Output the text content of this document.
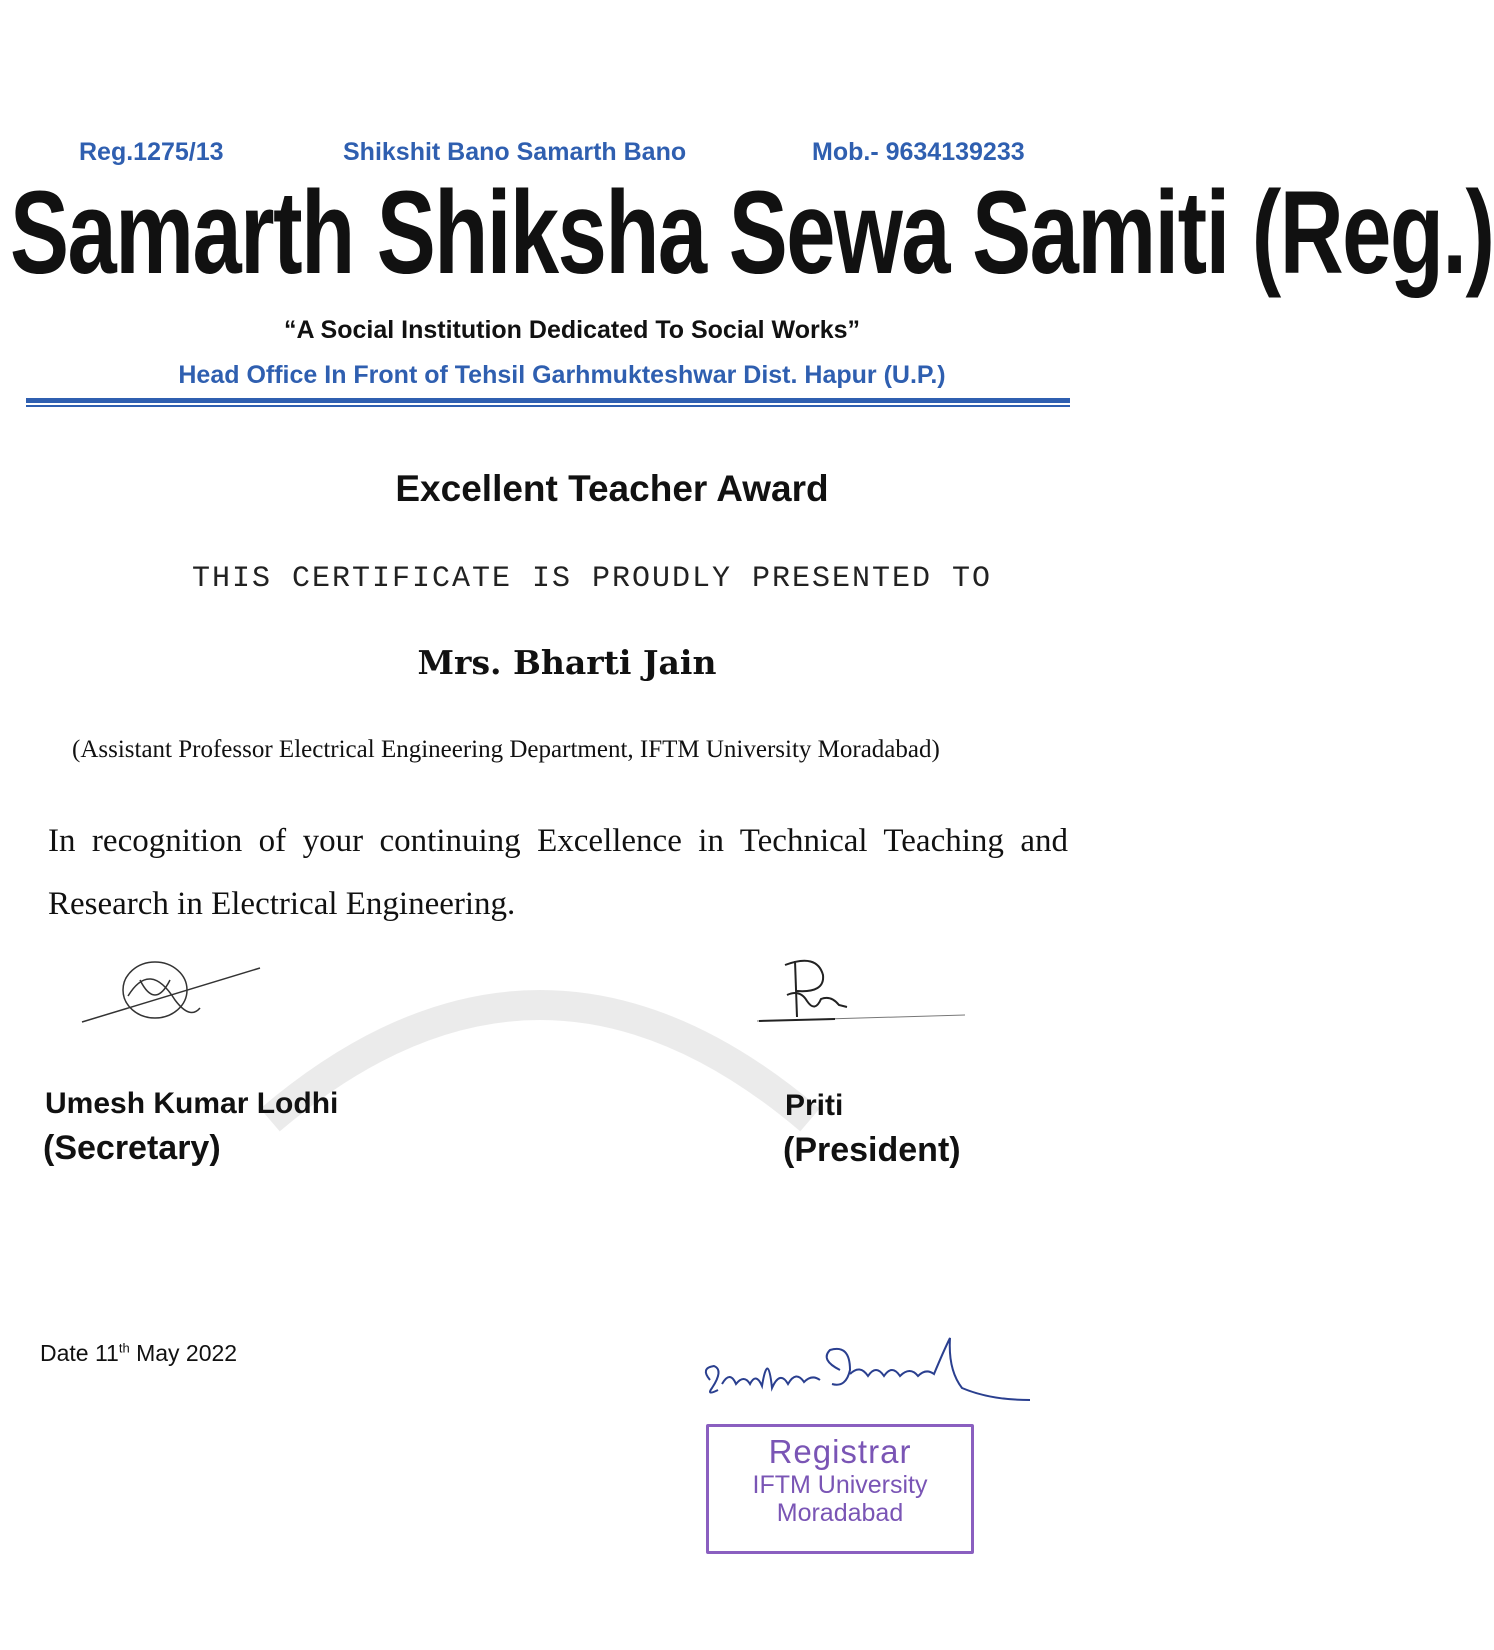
Reg.1275/13	Shikshit Bano Samarth Bano	Mob.- 9634139233
Samarth Shiksha Sewa Samiti (Reg.)
“A Social Institution Dedicated To Social Works”
Head Office In Front of Tehsil Garhmukteshwar Dist. Hapur (U.P.)
Excellent Teacher Award
THIS CERTIFICATE IS PROUDLY PRESENTED TO
Mrs. Bharti Jain
(Assistant Professor Electrical Engineering Department, IFTM University Moradabad)
In recognition of your continuing Excellence in Technical Teaching and Research in Electrical Engineering.
Umesh Kumar Lodhi
(Secretary)
Priti
(President)
Date 11th May 2022
Registrar
IFTM University
Moradabad
